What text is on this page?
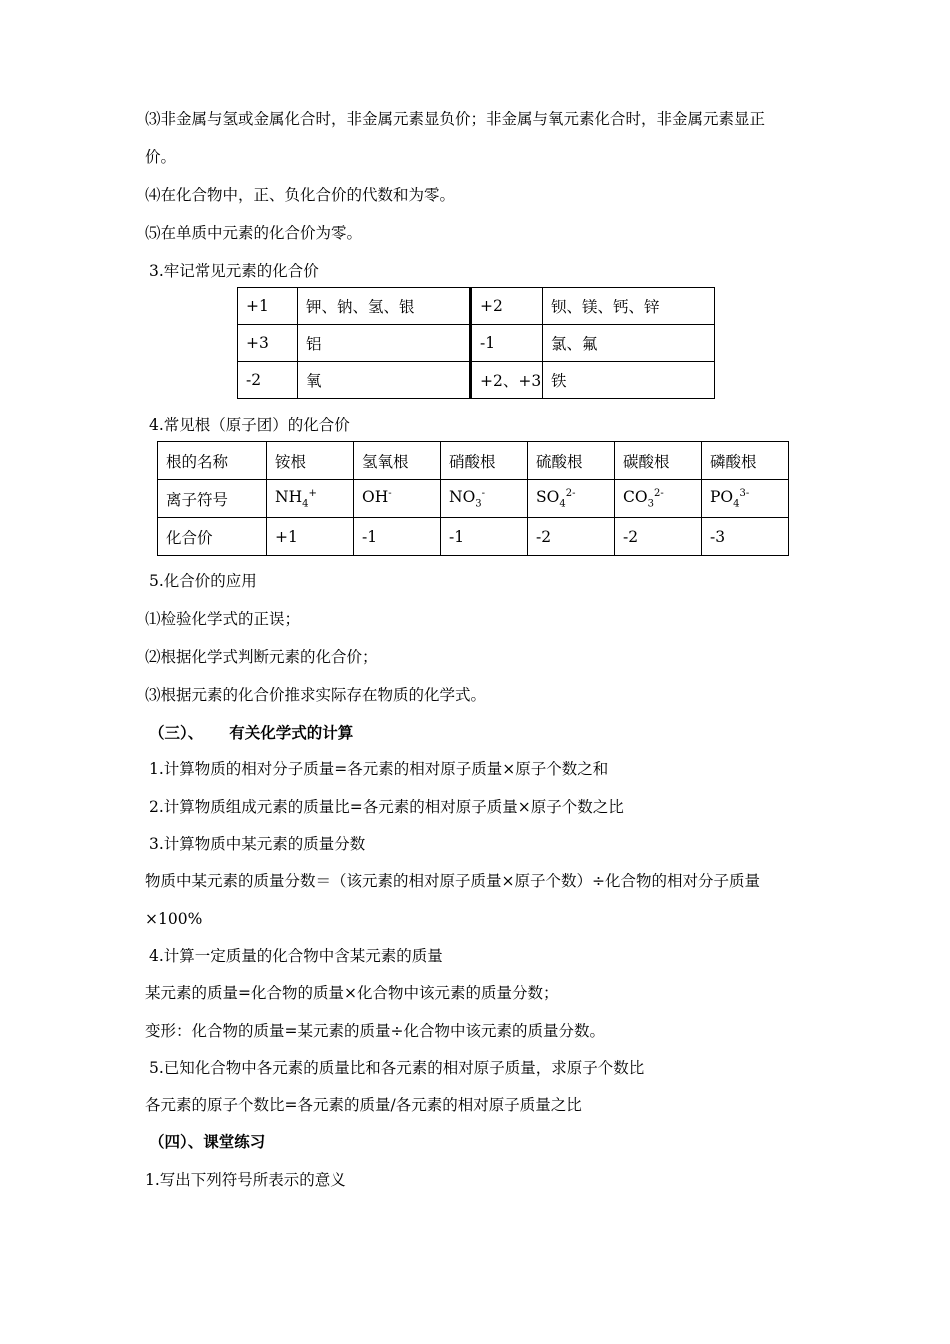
⑶非金属与氢或金属化合时，非金属元素显负价；非金属与氧元素化合时，非金属元素显正
价。
⑷在化合物中，正、负化合价的代数和为零。
⑸在单质中元素的化合价为零。
3.牢记常见元素的化合价
+1	钾、钠、氢、银	+2	钡、镁、钙、锌
+3	铝	-1	氯、氟
-2	氧	+2、+3	铁
4.常见根（原子团）的化合价
根的名称	铵根	氢氧根	硝酸根	硫酸根	碳酸根	磷酸根
离子符号	$NH_4^+$	OH-	$NO_3^-$	$SO_4^{2-}$	$CO_3^{2-}$	$PO_4^{3-}$
化合价	+1	-1	-1	-2	-2	-3
5.化合价的应用
⑴检验化学式的正误；
⑵根据化学式判断元素的化合价；
⑶根据元素的化合价推求实际存在物质的化学式。
（三）、 有关化学式的计算
1.计算物质的相对分子质量=各元素的相对原子质量×原子个数之和
2.计算物质组成元素的质量比=各元素的相对原子质量×原子个数之比
3.计算物质中某元素的质量分数
物质中某元素的质量分数＝（该元素的相对原子质量×原子个数）÷化合物的相对分子质量
×100%
4.计算一定质量的化合物中含某元素的质量
某元素的质量=化合物的质量×化合物中该元素的质量分数；
变形：化合物的质量=某元素的质量÷化合物中该元素的质量分数。
5.已知化合物中各元素的质量比和各元素的相对原子质量，求原子个数比
各元素的原子个数比=各元素的质量/各元素的相对原子质量之比
（四）、课堂练习
1.写出下列符号所表示的意义
